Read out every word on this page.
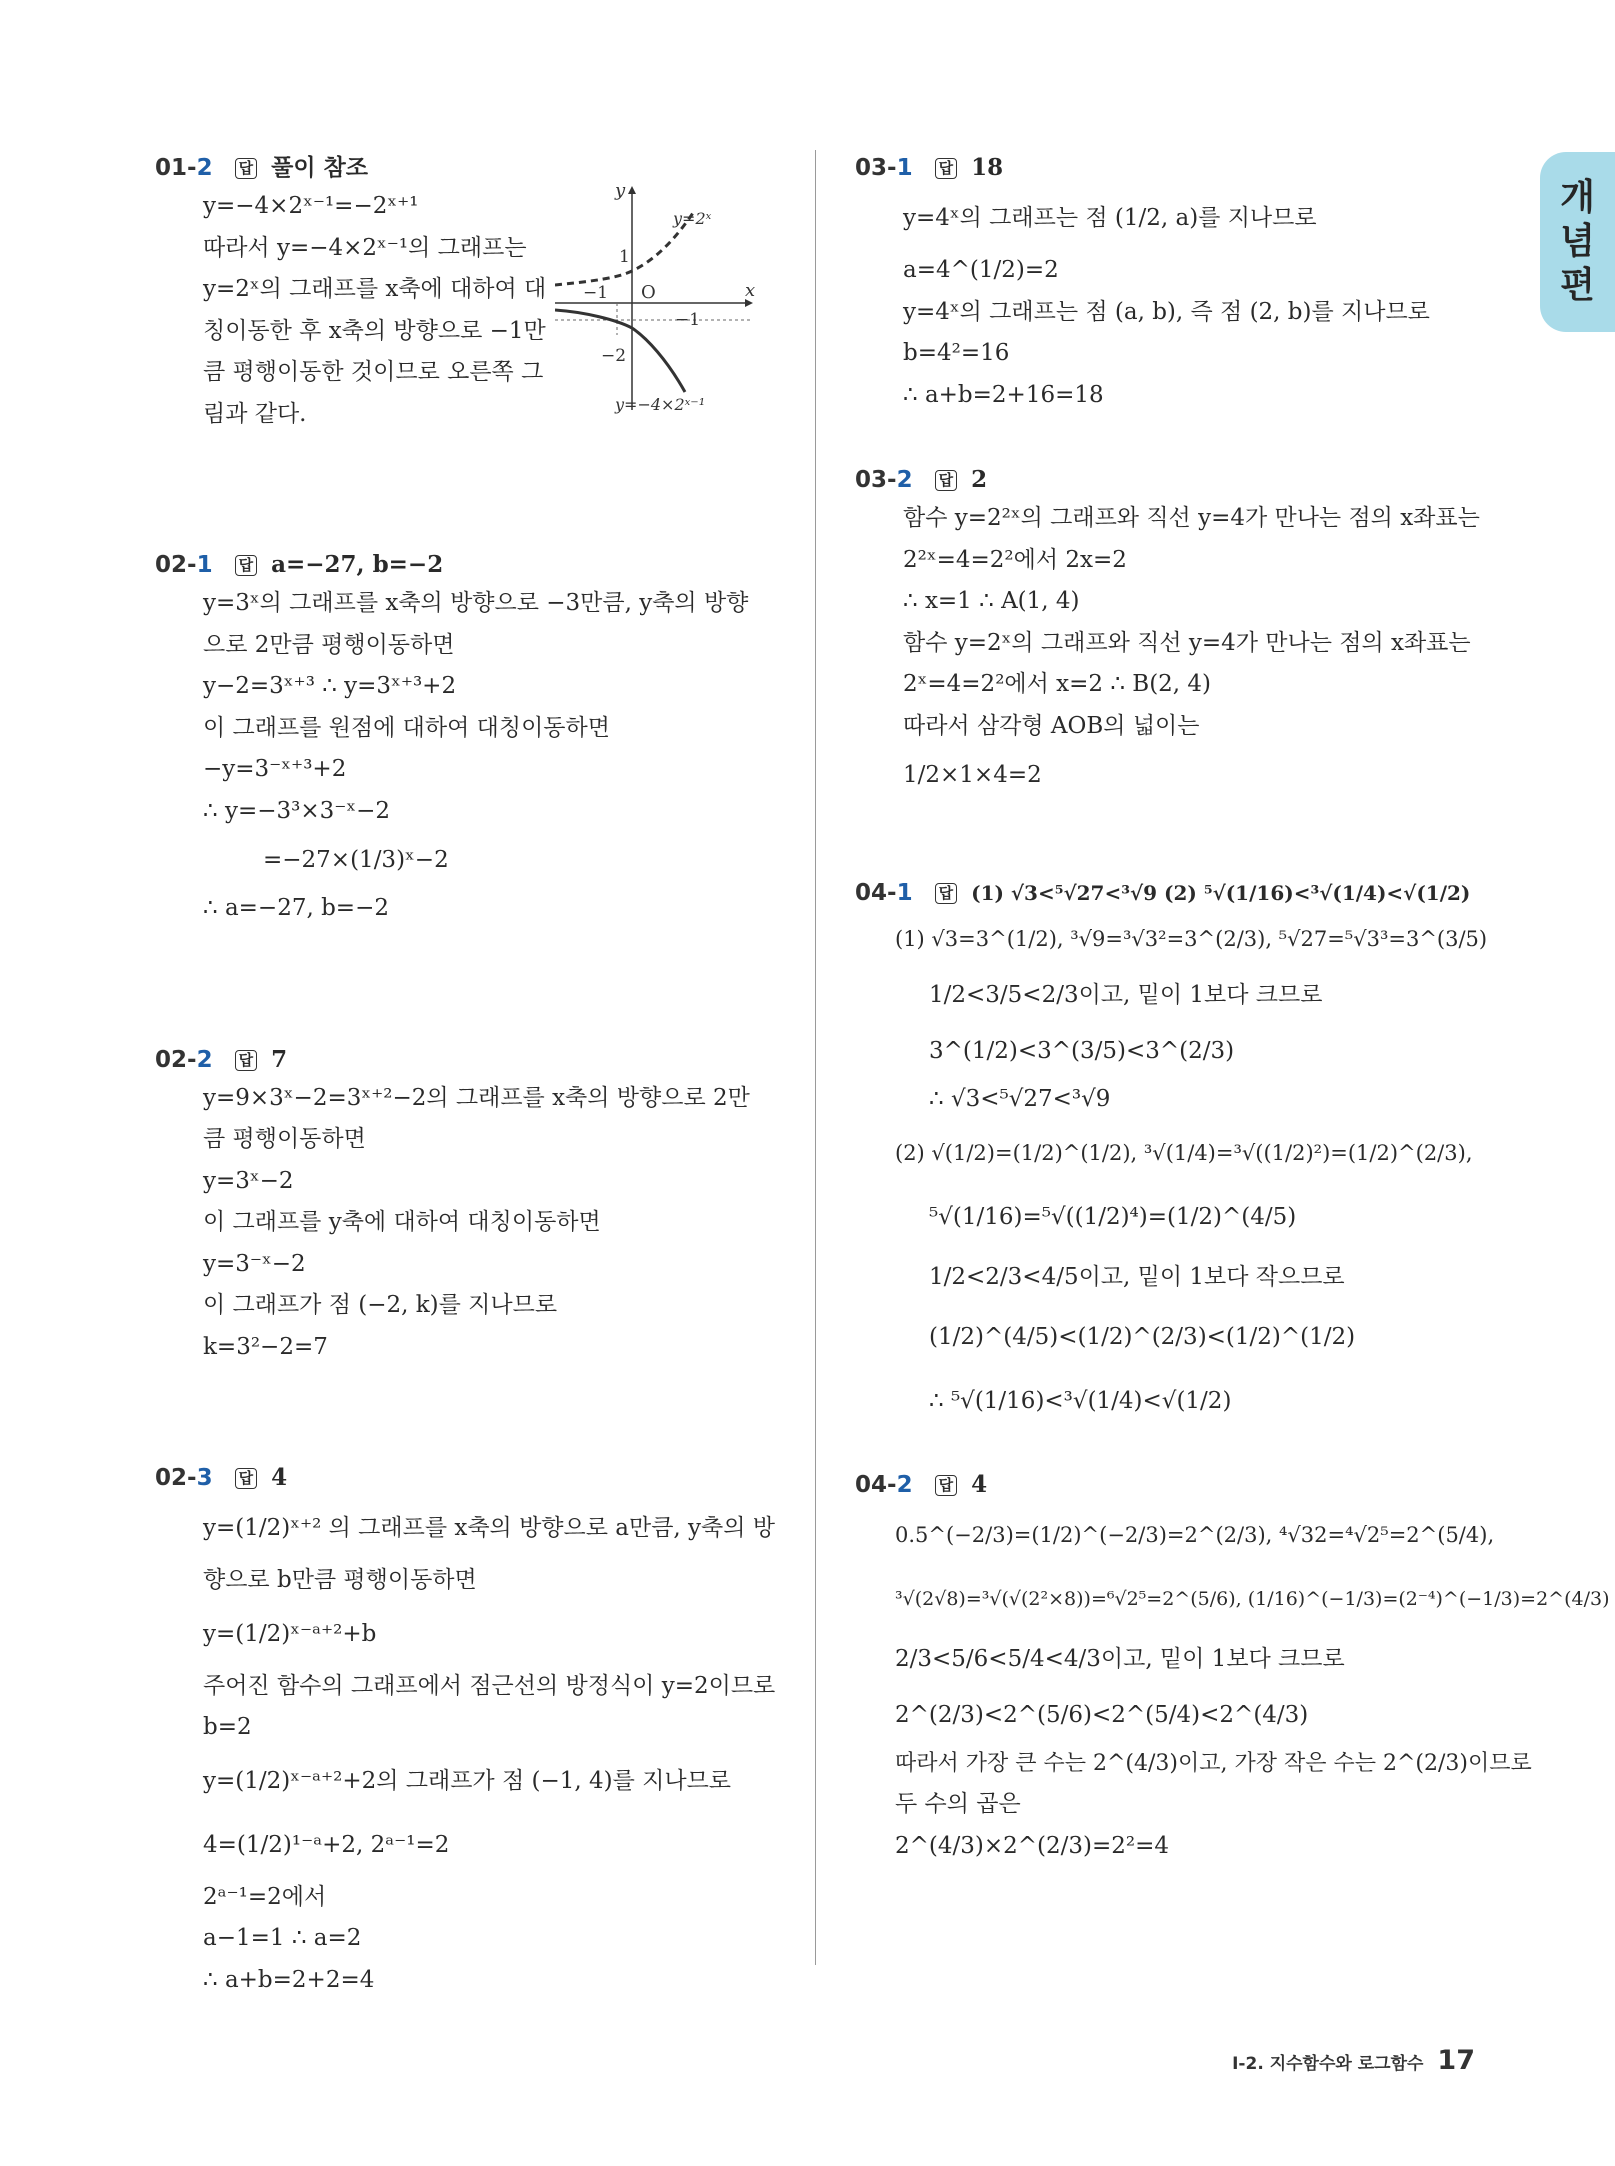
01-2 답 풀이 참조
y=−4×2ˣ⁻¹=−2ˣ⁺¹
따라서 y=−4×2ˣ⁻¹의 그래프는
y=2ˣ의 그래프를 x축에 대하여 대
칭이동한 후 x축의 방향으로 −1만
큼 평행이동한 것이므로 오른쪽 그
림과 같다.
y
x
O
1
−1
−1
−2
y=2ˣ
y=−4×2ˣ⁻¹
02-1 답 a=−27, b=−2
y=3ˣ의 그래프를 x축의 방향으로 −3만큼, y축의 방향
으로 2만큼 평행이동하면
y−2=3ˣ⁺³ ∴ y=3ˣ⁺³+2
이 그래프를 원점에 대하여 대칭이동하면
−y=3⁻ˣ⁺³+2
∴ y=−3³×3⁻ˣ−2
=−27×(1/3)ˣ−2
∴ a=−27, b=−2
02-2 답 7
y=9×3ˣ−2=3ˣ⁺²−2의 그래프를 x축의 방향으로 2만
큼 평행이동하면
y=3ˣ−2
이 그래프를 y축에 대하여 대칭이동하면
y=3⁻ˣ−2
이 그래프가 점 (−2, k)를 지나므로
k=3²−2=7
02-3 답 4
y=(1/2)ˣ⁺² 의 그래프를 x축의 방향으로 a만큼, y축의 방
향으로 b만큼 평행이동하면
y=(1/2)ˣ⁻ᵃ⁺²+b
주어진 함수의 그래프에서 점근선의 방정식이 y=2이므로
b=2
y=(1/2)ˣ⁻ᵃ⁺²+2의 그래프가 점 (−1, 4)를 지나므로
4=(1/2)¹⁻ᵃ+2, 2ᵃ⁻¹=2
2ᵃ⁻¹=2에서
a−1=1 ∴ a=2
∴ a+b=2+2=4
03-1 답 18
y=4ˣ의 그래프는 점 (1/2, a)를 지나므로
a=4^(1/2)=2
y=4ˣ의 그래프는 점 (a, b), 즉 점 (2, b)를 지나므로
b=4²=16
∴ a+b=2+16=18
03-2 답 2
함수 y=2²ˣ의 그래프와 직선 y=4가 만나는 점의 x좌표는
2²ˣ=4=2²에서 2x=2
∴ x=1 ∴ A(1, 4)
함수 y=2ˣ의 그래프와 직선 y=4가 만나는 점의 x좌표는
2ˣ=4=2²에서 x=2 ∴ B(2, 4)
따라서 삼각형 AOB의 넓이는
1/2×1×4=2
04-1 답 (1) √3<⁵√27<³√9 (2) ⁵√(1/16)<³√(1/4)<√(1/2)
(1) √3=3^(1/2), ³√9=³√3²=3^(2/3), ⁵√27=⁵√3³=3^(3/5)
1/2<3/5<2/3이고, 밑이 1보다 크므로
3^(1/2)<3^(3/5)<3^(2/3)
∴ √3<⁵√27<³√9
(2) √(1/2)=(1/2)^(1/2), ³√(1/4)=³√((1/2)²)=(1/2)^(2/3),
⁵√(1/16)=⁵√((1/2)⁴)=(1/2)^(4/5)
1/2<2/3<4/5이고, 밑이 1보다 작으므로
(1/2)^(4/5)<(1/2)^(2/3)<(1/2)^(1/2)
∴ ⁵√(1/16)<³√(1/4)<√(1/2)
04-2 답 4
0.5^(−2/3)=(1/2)^(−2/3)=2^(2/3), ⁴√32=⁴√2⁵=2^(5/4),
³√(2√8)=³√(√(2²×8))=⁶√2⁵=2^(5/6), (1/16)^(−1/3)=(2⁻⁴)^(−1/3)=2^(4/3)
2/3<5/6<5/4<4/3이고, 밑이 1보다 크므로
2^(2/3)<2^(5/6)<2^(5/4)<2^(4/3)
따라서 가장 큰 수는 2^(4/3)이고, 가장 작은 수는 2^(2/3)이므로
두 수의 곱은
2^(4/3)×2^(2/3)=2²=4
개
념
편
Ⅰ-2. 지수함수와 로그함수 17
